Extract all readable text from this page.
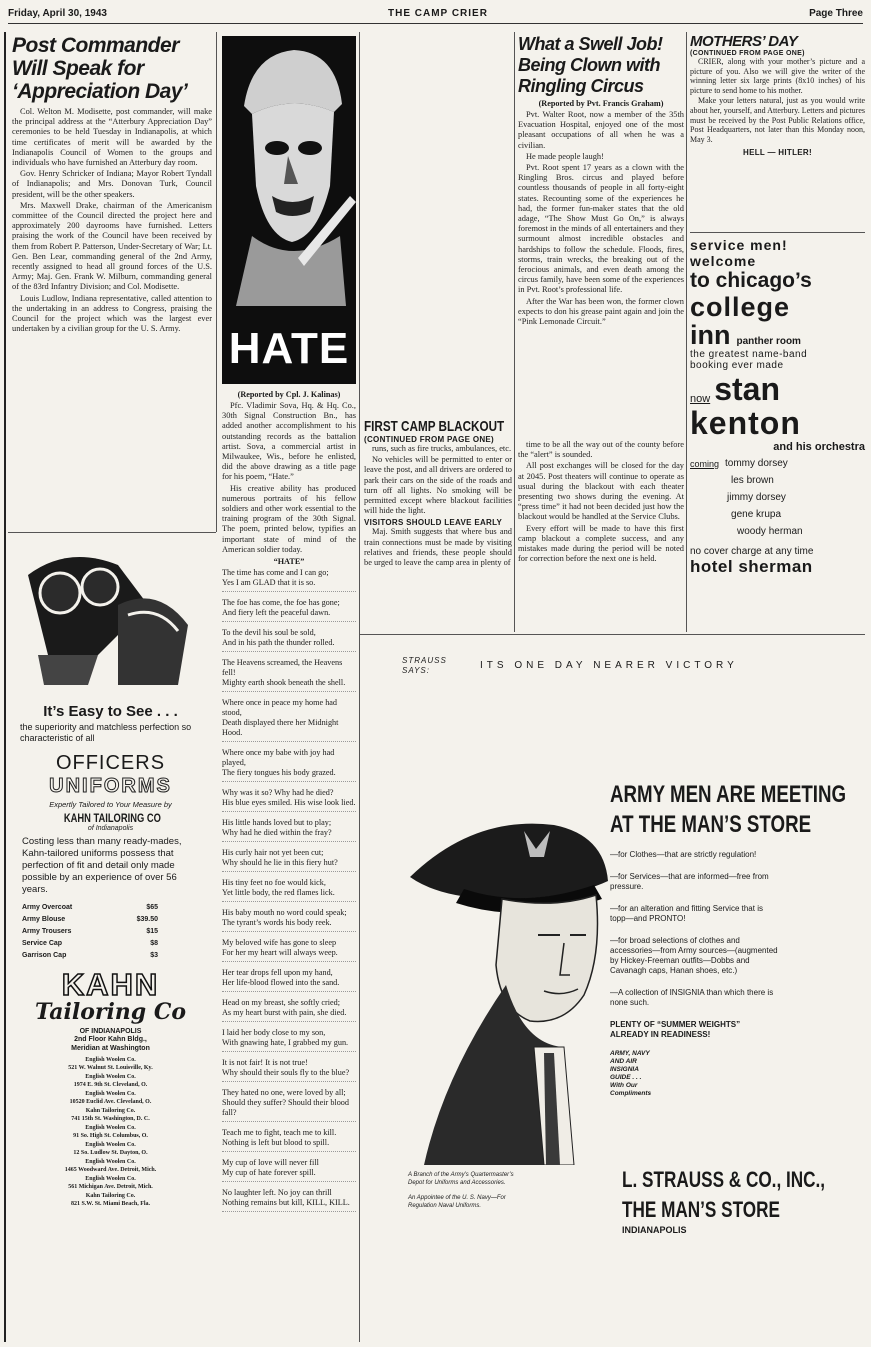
Friday, April 30, 1943	THE CAMP CRIER	Page Three
Post Commander
Will Speak for
‘Appreciation Day’

Col. Welton M. Modisette, post commander, will make the principal address at the “Atterbury Appreciation Day” ceremonies to be held Tuesday in Indianapolis, at which time certificates of merit will be awarded by the Indianapolis Council of Women to the groups and individuals who have furnished an Atterbury day room.

Gov. Henry Schricker of Indiana; Mayor Robert Tyndall of Indianapolis; and Mrs. Donovan Turk, Council president, will be the other speakers.

Mrs. Maxwell Drake, chairman of the Americanism committee of the Council directed the project here and approximately 200 dayrooms have furnished. Letters praising the work of the Council have been received by them from Robert P. Patterson, Under-Secretary of War; Lt. Gen. Ben Lear, commanding general of the 2nd Army, recently assigned to head all ground forces of the U.S. Army; Maj. Gen. Frank W. Milburn, commanding general of the 83rd Infantry Division; and Col. Modisette.

Louis Ludlow, Indiana representative, called attention to the undertaking in an address to Congress, praising the Council for the project which was the largest ever undertaken by a civilian group for the U. S. Army.	HATE
(Reported by Cpl. J. Kalinas)

Pfc. Vladimir Sova, Hq. & Hq. Co., 30th Signal Construction Bn., has added another accomplishment to his outstanding records as the battalion artist. Sova, a commercial artist in Milwaukee, Wis., before he enlisted, did the above drawing as a title page for his poem, “Hate.”

His creative ability has produced numerous portraits of his fellow soldiers and other work essential to the training program of the 30th Signal. The poem, printed below, typifies an important state of mind of the American soldier today.

“HATE”
The time has come and I can go;
Yes I am GLAD that it is so.
The foe has come, the foe has gone;
And fiery left the peaceful dawn.
To the devil his soul be sold,
And in his path the thunder rolled.
The Heavens screamed, the Heavens fell!
Mighty earth shook beneath the shell.
Where once in peace my home had stood,
Death displayed there her Midnight Hood.
Where once my babe with joy had played,
The fiery tongues his body grazed.
Why was it so? Why had he died?
His blue eyes smiled. His wise look lied.
His little hands loved but to play;
Why had he died within the fray?
His curly hair not yet been cut;
Why should he lie in this fiery hut?
His tiny feet no foe would kick,
Yet little body, the red flames lick.
His baby mouth no word could speak;
The tyrant’s words his body reek.
My beloved wife has gone to sleep
For her my heart will always weep.
Her tear drops fell upon my hand,
Her life-blood flowed into the sand.
Head on my breast, she softly cried;
As my heart burst with pain, she died.
I laid her body close to my son,
With gnawing hate, I grabbed my gun.
It is not fair! It is not true!
Why should their souls fly to the blue?
They hated no one, were loved by all;
Should they suffer? Should their blood fall?
Teach me to fight, teach me to kill.
Nothing is left but blood to spill.
My cup of love will never fill
My cup of hate forever spill.
No laughter left. No joy can thrill
Nothing remains but kill, KILL, KILL.
FIRST CAMP BLACKOUT
(CONTINUED FROM PAGE ONE)

runs, such as fire trucks, ambulances, etc.

No vehicles will be permitted to enter or leave the post, and all drivers are ordered to park their cars on the side of the roads and turn off all lights. No smoking will be permitted except where blackout facilities will hide the light.

VISITORS SHOULD LEAVE EARLY

Maj. Smith suggests that where bus and train connections must be made by visiting relatives and friends, these people should be urged to leave the camp area in plenty of

time to be all the way out of the county before the “alert” is sounded.

All post exchanges will be closed for the day at 2045. Post theaters will continue to operate as usual during the blackout with each theater presenting two shows during the evening. At “press time” it had not been decided just how the blackout would be handled at the Service Clubs.

Every effort will be made to have this first camp blackout a complete success, and any mistakes made during the period will be noted for correction before the next one is held.

What a Swell Job!
Being Clown with
Ringling Circus
(Reported by Pvt. Francis Graham)

Pvt. Walter Root, now a member of the 35th Evacuation Hospital, enjoyed one of the most pleasant occupations of all when he was a civilian.

He made people laugh!

Pvt. Root spent 17 years as a clown with the Ringling Bros. circus and played before countless thousands of people in all forty-eight states. Recounting some of the experiences he had, the former fun-maker states that the old adage, “The Show Must Go On,” is always foremost in the minds of all entertainers and they surmount almost incredible obstacles and hardships to follow the schedule. Floods, fires, storms, train wrecks, the breaking out of the ferocious animals, and even death among the circus family, have been some of the experiences in Pvt. Root’s professional life.

After the War has been won, the former clown expects to don his grease paint again and join the “Pink Lemonade Circuit.”

MOTHERS’ DAY
(CONTINUED FROM PAGE ONE)

CRIER, along with your mother’s picture and a picture of you. Also we will give the writer of the winning letter six large prints (8x10 inches) of his picture to send home to his mother.

Make your letters natural, just as you would write about her, yourself, and Atterbury. Letters and pictures must be received by the Post Public Relations office, Post Headquarters, not later than this Monday noon, May 3.

HELL — HITLER!
service men!
welcome
to chicago’s
college
inn panther room
the greatest name-band
booking ever made
now stan
kenton
and his orchestra
coming tommy dorsey
les brown
jimmy dorsey
gene krupa
woody herman
no cover charge at any time
hotel sherman
STRAUSS
SAYS:	ITS ONE DAY NEARER VICTORY
ARMY MEN ARE MEETING
AT THE MAN’S STORE

—for Clothes—that are strictly regulation!

—for Services—that are informed—free from pressure.

—for an alteration and fitting Service that is topp—and PRONTO!

—for broad selections of clothes and accessories—from Army sources—(augmented by Hickey-Freeman outfits—Dobbs and Cavanagh caps, Hanan shoes, etc.)

—A collection of INSIGNIA than which there is none such.

PLENTY OF “SUMMER WEIGHTS” ALREADY IN READINESS!

ARMY, NAVY
AND AIR
INSIGNIA
GUIDE . . .
With Our
Compliments

A Branch of the Army’s Quartermaster’s Depot for Uniforms and Accessories.

An Appointee of the U. S. Navy—For Regulation Naval Uniforms.

L. STRAUSS & CO., INC.,
THE MAN’S STORE
INDIANAPOLIS
It’s Easy to See . . .
the superiority and matchless perfection so characteristic of all
OFFICERS
UNIFORMS
Expertly Tailored to Your Measure by
KAHN TAILORING CO
of Indianapolis
Costing less than many ready-mades, Kahn-tailored uniforms possess that perfection of fit and detail only made possible by an experience of over 56 years.
Army Overcoat	$65
Army Blouse	$39.50
Army Trousers	$15
Service Cap	$8
Garrison Cap	$3
KAHN
Tailoring Co
OF INDIANAPOLIS
2nd Floor Kahn Bldg.,
Meridian at Washington
English Woolen Co.
521 W. Walnut St. Louisville, Ky.
English Woolen Co.
1974 E. 9th St. Cleveland, O.
English Woolen Co.
10520 Euclid Ave. Cleveland, O.
Kahn Tailoring Co.
741 15th St. Washington, D. C.
English Woolen Co.
91 So. High St. Columbus, O.
English Woolen Co.
12 So. Ludlow St. Dayton, O.
English Woolen Co.
1465 Woodward Ave. Detroit, Mich.
English Woolen Co.
561 Michigan Ave. Detroit, Mich.
Kahn Tailoring Co.
821 S.W. St. Miami Beach, Fla.
